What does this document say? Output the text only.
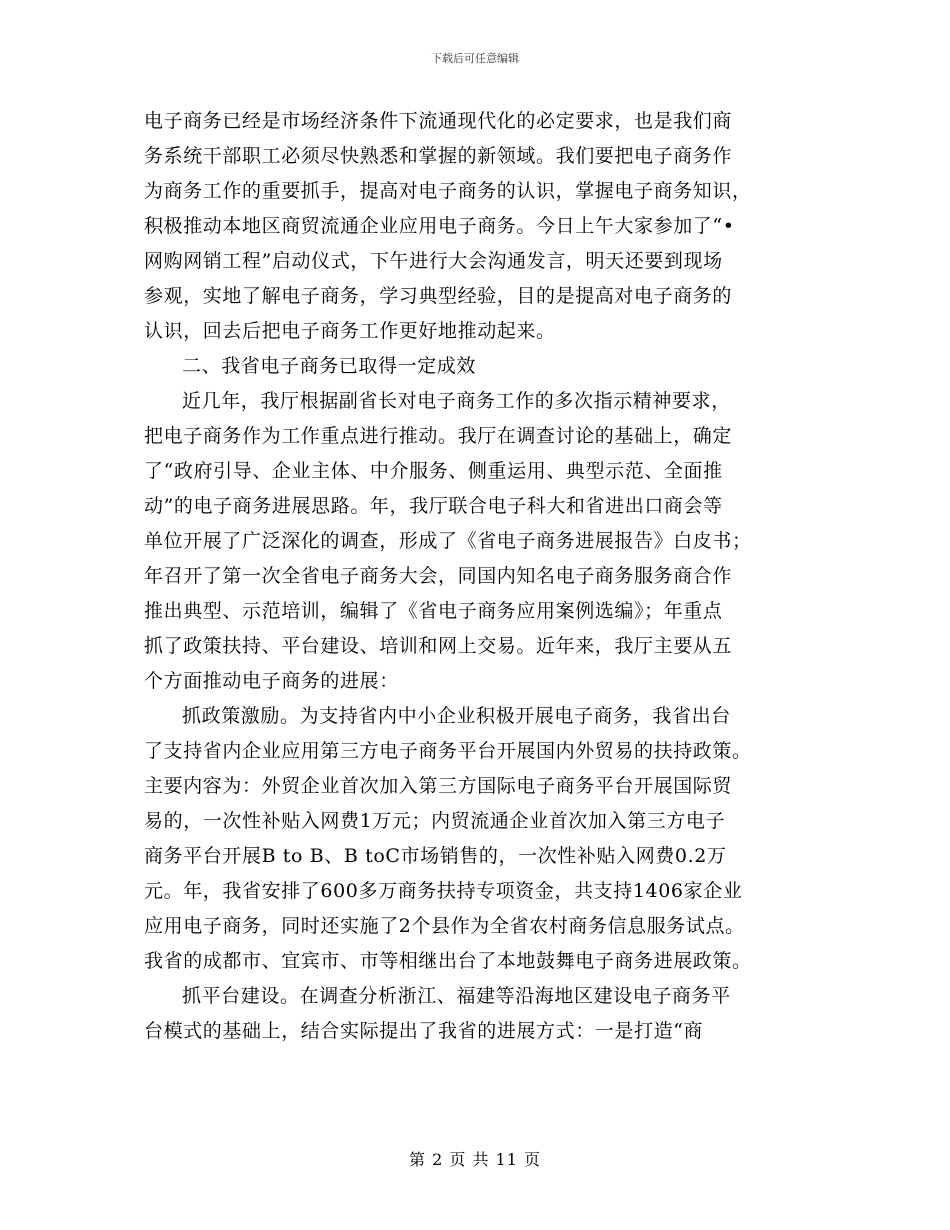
下载后可任意编辑
电子商务已经是市场经济条件下流通现代化的必定要求，也是我们商
务系统干部职工必须尽快熟悉和掌握的新领域。我们要把电子商务作
为商务工作的重要抓手，提高对电子商务的认识，掌握电子商务知识，
积极推动本地区商贸流通企业应用电子商务。今日上午大家参加了“•
网购网销工程”启动仪式，下午进行大会沟通发言，明天还要到现场
参观，实地了解电子商务，学习典型经验，目的是提高对电子商务的
认识，回去后把电子商务工作更好地推动起来。
二、我省电子商务已取得一定成效
近几年，我厅根据副省长对电子商务工作的多次指示精神要求，
把电子商务作为工作重点进行推动。我厅在调查讨论的基础上，确定
了“政府引导、企业主体、中介服务、侧重运用、典型示范、全面推
动”的电子商务进展思路。年，我厅联合电子科大和省进出口商会等
单位开展了广泛深化的调查，形成了《省电子商务进展报告》白皮书；
年召开了第一次全省电子商务大会，同国内知名电子商务服务商合作
推出典型、示范培训，编辑了《省电子商务应用案例选编》；年重点
抓了政策扶持、平台建设、培训和网上交易。近年来，我厅主要从五
个方面推动电子商务的进展：
抓政策激励。为支持省内中小企业积极开展电子商务，我省出台
了支持省内企业应用第三方电子商务平台开展国内外贸易的扶持政策。
主要内容为：外贸企业首次加入第三方国际电子商务平台开展国际贸
易的，一次性补贴入网费1万元；内贸流通企业首次加入第三方电子
商务平台开展B to B、B toC市场销售的，一次性补贴入网费0.2万
元。年，我省安排了600多万商务扶持专项资金，共支持1406家企业
应用电子商务，同时还实施了2个县作为全省农村商务信息服务试点。
我省的成都市、宜宾市、市等相继出台了本地鼓舞电子商务进展政策。
抓平台建设。在调查分析浙江、福建等沿海地区建设电子商务平
台模式的基础上，结合实际提出了我省的进展方式：一是打造“商
第 2 页 共 11 页
